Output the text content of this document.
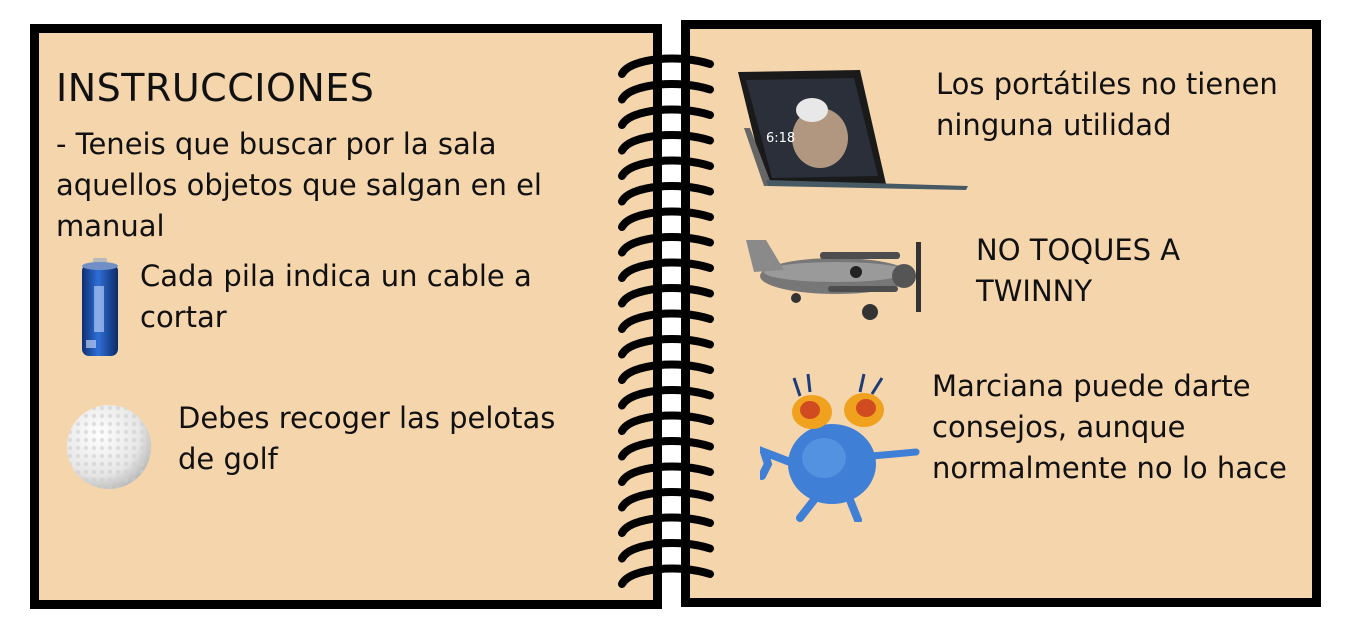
INSTRUCCIONES
- Teneis que buscar por la sala aquellos objetos que salgan en el manual
Cada pila indica un cable a cortar
Debes recoger las pelotas de golf
6:18
Los portátiles no tienen ninguna utilidad
NO TOQUES A TWINNY
Marciana puede darte consejos, aunque normalmente no lo hace
